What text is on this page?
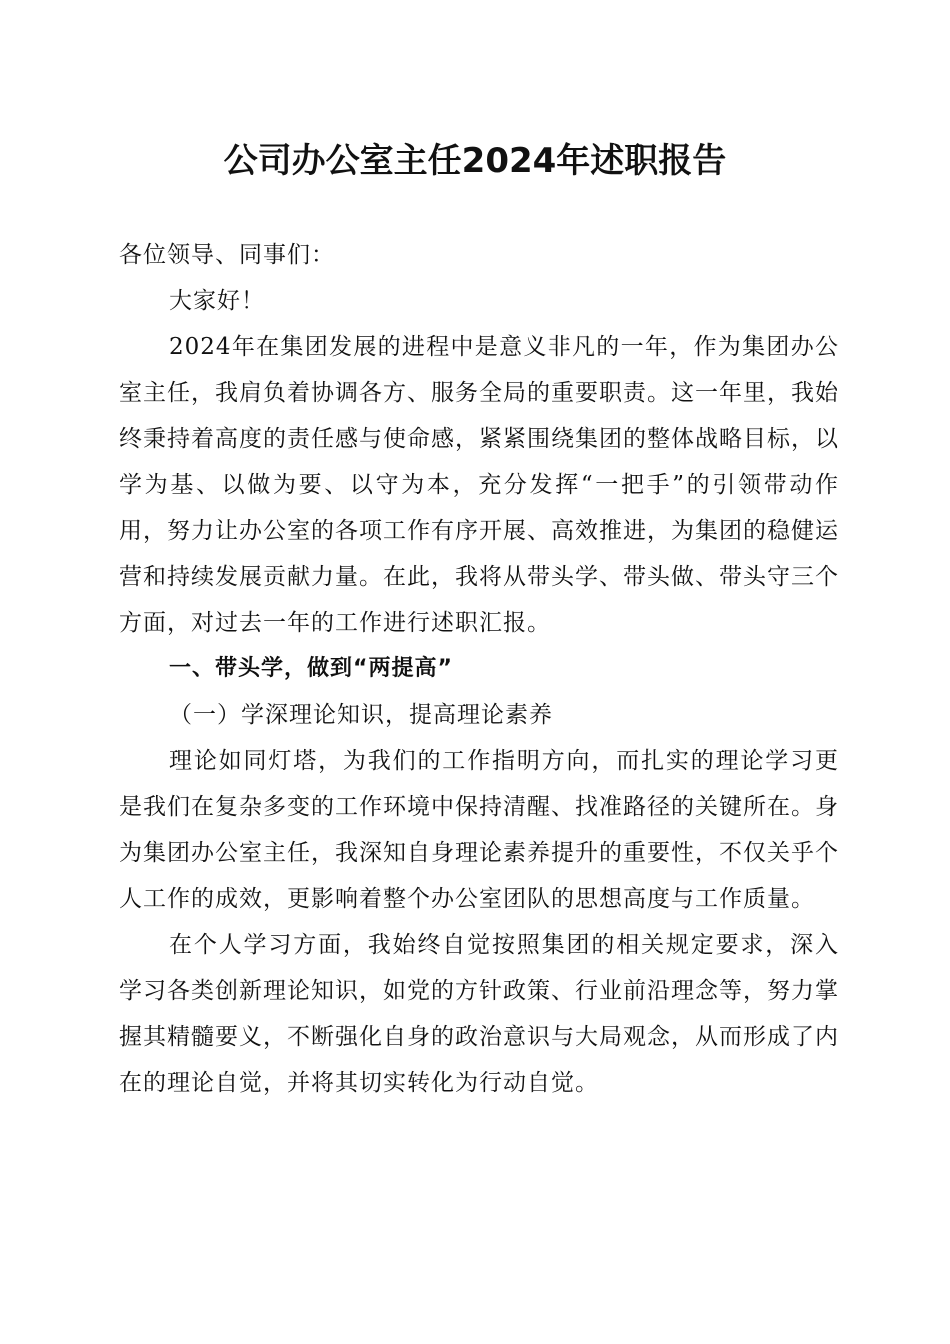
公司办公室主任2024年述职报告

各位领导、同事们：

大家好！

2024年在集团发展的进程中是意义非凡的一年，作为集团办公室主任，我肩负着协调各方、服务全局的重要职责。这一年里，我始终秉持着高度的责任感与使命感，紧紧围绕集团的整体战略目标，以学为基、以做为要、以守为本，充分发挥“一把手”的引领带动作用，努力让办公室的各项工作有序开展、高效推进，为集团的稳健运营和持续发展贡献力量。在此，我将从带头学、带头做、带头守三个方面，对过去一年的工作进行述职汇报。

一、带头学，做到“两提高”

（一）学深理论知识，提高理论素养

理论如同灯塔，为我们的工作指明方向，而扎实的理论学习更是我们在复杂多变的工作环境中保持清醒、找准路径的关键所在。身为集团办公室主任，我深知自身理论素养提升的重要性，不仅关乎个人工作的成效，更影响着整个办公室团队的思想高度与工作质量。

在个人学习方面，我始终自觉按照集团的相关规定要求，深入学习各类创新理论知识，如党的方针政策、行业前沿理念等，努力掌握其精髓要义，不断强化自身的政治意识与大局观念，从而形成了内在的理论自觉，并将其切实转化为行动自觉。
